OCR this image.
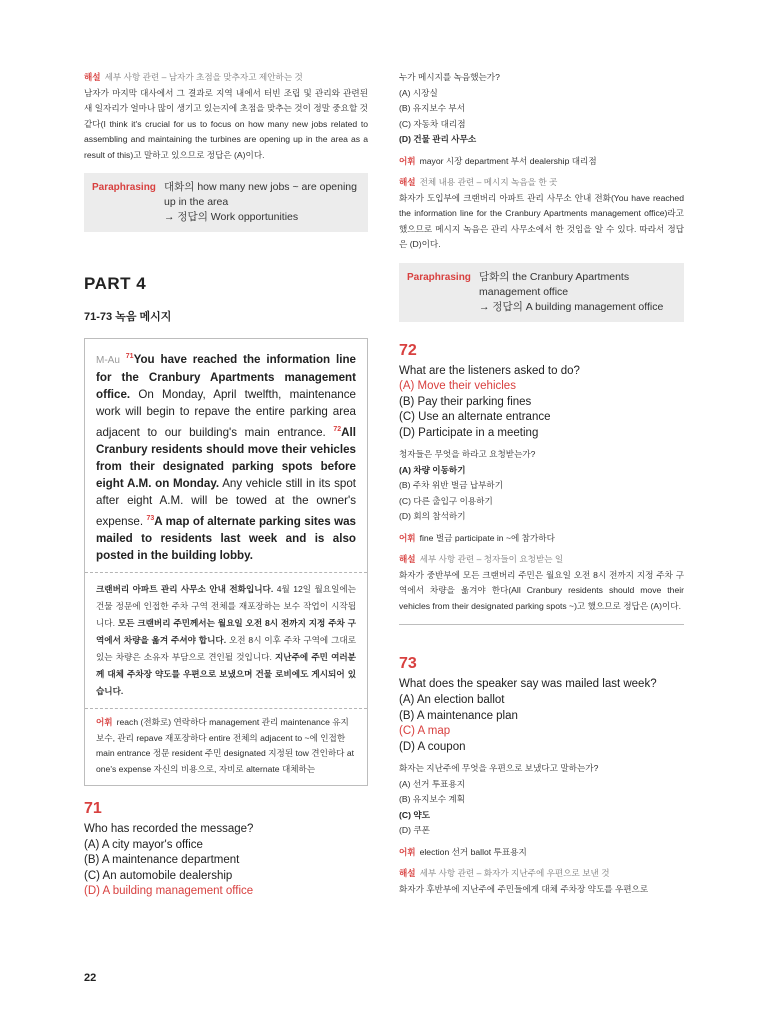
해설 세부 사항 관련 – 남자가 초점을 맞추자고 제안하는 것
남자가 마지막 대사에서 그 결과로 지역 내에서 터빈 조립 및 관리와 관련된 새 일자리가 얼마나 많이 생기고 있는지에 초점을 맞추는 것이 정말 중요할 것 같다(I think it's crucial for us to focus on how many new jobs related to assembling and maintaining the turbines are opening up in the area as a result of this)고 말하고 있으므로 정답은 (A)이다.
Paraphrasing 대화의 how many new jobs ~ are opening up in the area
→ 정답의 Work opportunities
PART 4
71-73 녹음 메시지
M-Au $^{71}$You have reached the information line for the Cranbury Apartments management office. On Monday, April twelfth, maintenance work will begin to repave the entire parking area adjacent to our building's main entrance. $^{72}$All Cranbury residents should move their vehicles from their designated parking spots before eight A.M. on Monday. Any vehicle still in its spot after eight A.M. will be towed at the owner's expense. $^{73}$A map of alternate parking sites was mailed to residents last week and is also posted in the building lobby.
크랜버리 아파트 관리 사무소 안내 전화입니다. 4월 12일 월요일에는 건물 정문에 인접한 주차 구역 전체를 재포장하는 보수 작업이 시작됩니다. 모든 크랜버리 주민께서는 월요일 오전 8시 전까지 지정 주차 구역에서 차량을 옮겨 주셔야 합니다. 오전 8시 이후 주차 구역에 그대로 있는 차량은 소유자 부담으로 견인될 것입니다. 지난주에 주민 여러분께 대체 주차장 약도를 우편으로 보냈으며 건물 로비에도 게시되어 있습니다.
어휘 reach (전화로) 연락하다 management 관리 maintenance 유지보수, 관리 repave 재포장하다 entire 전체의 adjacent to ~에 인접한 main entrance 정문 resident 주민 designated 지정된 tow 견인하다 at one's expense 자신의 비용으로, 자비로 alternate 대체하는
71
Who has recorded the message?
(A) A city mayor's office
(B) A maintenance department
(C) An automobile dealership
(D) A building management office
누가 메시지를 녹음했는가?
(A) 시장실
(B) 유지보수 부서
(C) 자동차 대리점
(D) 건물 관리 사무소
어휘 mayor 시장 department 부서 dealership 대리점
해설 전체 내용 관련 – 메시지 녹음을 한 곳
화자가 도입부에 크랜버리 아파트 관리 사무소 안내 전화(You have reached the information line for the Cranbury Apartments management office)라고 했으므로 메시지 녹음은 관리 사무소에서 한 것임을 알 수 있다. 따라서 정답은 (D)이다.
Paraphrasing 담화의 the Cranbury Apartments management office
→ 정답의 A building management office
72
What are the listeners asked to do?
(A) Move their vehicles
(B) Pay their parking fines
(C) Use an alternate entrance
(D) Participate in a meeting
청자들은 무엇을 하라고 요청받는가?
(A) 차량 이동하기
(B) 주차 위반 벌금 납부하기
(C) 다른 출입구 이용하기
(D) 회의 참석하기
어휘 fine 벌금 participate in ~에 참가하다
해설 세부 사항 관련 – 청자들이 요청받는 일
화자가 중반부에 모든 크랜버리 주민은 월요일 오전 8시 전까지 지정 주차 구역에서 차량을 옮겨야 한다(All Cranbury residents should move their vehicles from their designated parking spots ~)고 했으므로 정답은 (A)이다.
73
What does the speaker say was mailed last week?
(A) An election ballot
(B) A maintenance plan
(C) A map
(D) A coupon
화자는 지난주에 무엇을 우편으로 보냈다고 말하는가?
(A) 선거 투표용지
(B) 유지보수 계획
(C) 약도
(D) 쿠폰
어휘 election 선거 ballot 투표용지
해설 세부 사항 관련 – 화자가 지난주에 우편으로 보낸 것
화자가 후반부에 지난주에 주민들에게 대체 주차장 약도를 우편으로
22
